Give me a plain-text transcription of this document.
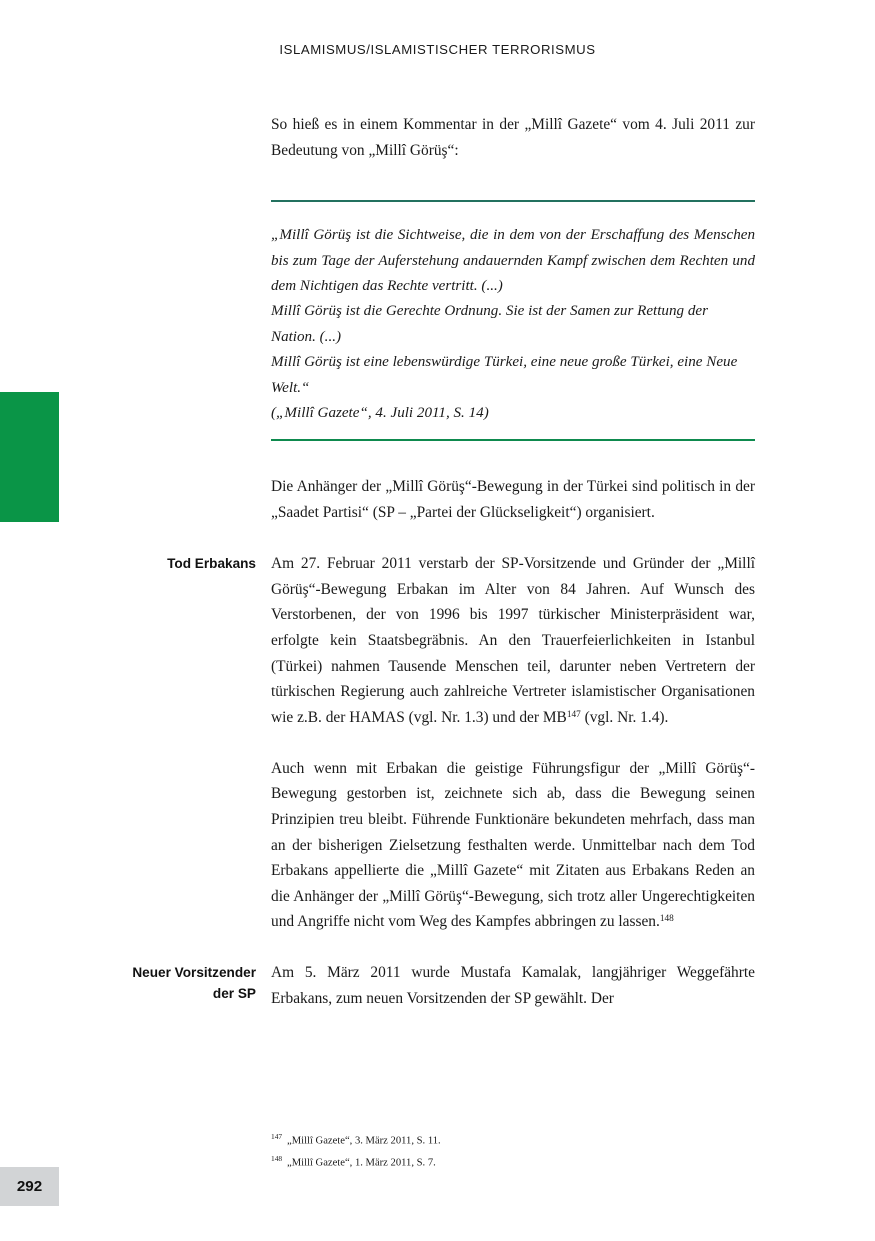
ISLAMISMUS/ISLAMISTISCHER TERRORISMUS

So hieß es in einem Kommentar in der „Millî Gazete“ vom 4. Juli 2011 zur Bedeutung von „Millî Görüş“:

„Millî Görüş ist die Sichtweise, die in dem von der Erschaffung des Menschen bis zum Tage der Auferstehung andauernden Kampf zwischen dem Rechten und dem Nichtigen das Rechte vertritt. (...)

Millî Görüş ist die Gerechte Ordnung. Sie ist der Samen zur Rettung der Nation. (...)

Millî Görüş ist eine lebenswürdige Türkei, eine neue große Türkei, eine Neue Welt.“

(„Millî Gazete“, 4. Juli 2011, S. 14)

Die Anhänger der „Millî Görüş“-Bewegung in der Türkei sind politisch in der „Saadet Partisi“ (SP – „Partei der Glückseligkeit“) organisiert.

Tod Erbakans Am 27. Februar 2011 verstarb der SP-Vorsitzende und Gründer der „Millî Görüş“-Bewegung Erbakan im Alter von 84 Jahren. Auf Wunsch des Verstorbenen, der von 1996 bis 1997 türkischer Ministerpräsident war, erfolgte kein Staatsbegräbnis. An den Trauerfeierlichkeiten in Istanbul (Türkei) nahmen Tausende Menschen teil, darunter neben Vertretern der türkischen Regierung auch zahlreiche Vertreter islamistischer Organisationen wie z.B. der HAMAS (vgl. Nr. 1.3) und der MB$^{147}$ (vgl. Nr. 1.4).

Auch wenn mit Erbakan die geistige Führungsfigur der „Millî Görüş“-Bewegung gestorben ist, zeichnete sich ab, dass die Bewegung seinen Prinzipien treu bleibt. Führende Funktionäre bekundeten mehrfach, dass man an der bisherigen Zielsetzung festhalten werde. Unmittelbar nach dem Tod Erbakans appellierte die „Millî Gazete“ mit Zitaten aus Erbakans Reden an die Anhänger der „Millî Görüş“-Bewegung, sich trotz aller Ungerechtigkeiten und Angriffe nicht vom Weg des Kampfes abbringen zu lassen.$^{148}$

Neuer Vorsitzender
der SP

Am 5. März 2011 wurde Mustafa Kamalak, langjähriger Weggefährte Erbakans, zum neuen Vorsitzenden der SP gewählt. Der

147 „Millî Gazete“, 3. März 2011, S. 11.
148 „Millî Gazete“, 1. März 2011, S. 7.
292
